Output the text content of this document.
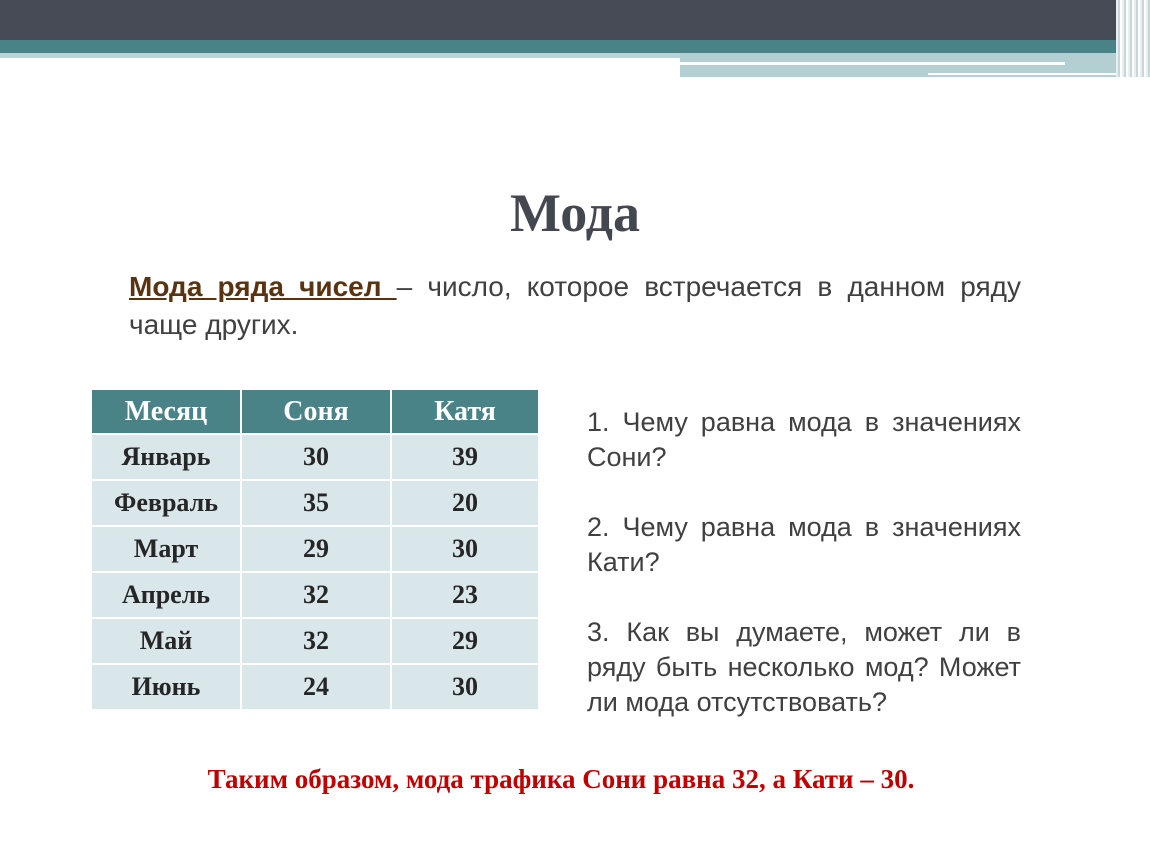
Мода

Мода ряда чисел – число, которое встречается в данном ряду чаще других.

Месяц	Соня	Катя
Январь	30	39
Февраль	35	20
Март	29	30
Апрель	32	23
Май	32	29
Июнь	24	30

1. Чему равна мода в значениях Сони?

2. Чему равна мода в значениях Кати?

3. Как вы думаете, может ли в ряду быть несколько мод? Может ли мода отсутствовать?

Таким образом, мода трафика Сони равна 32, а Кати – 30.
